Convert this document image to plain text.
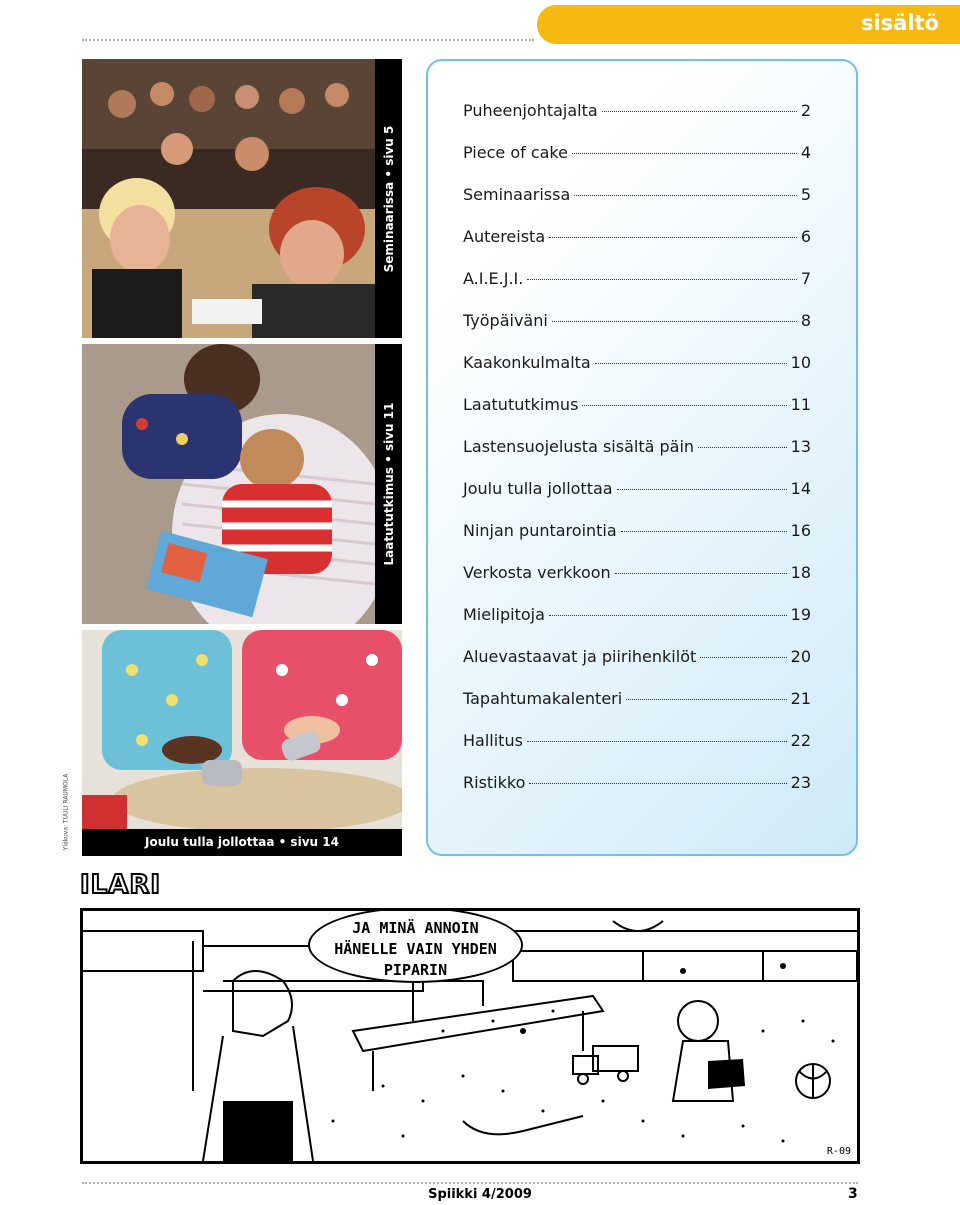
sisältö
Seminaarissa • sivu 5
Laatututkimus • sivu 11
Joulu tulla jollottaa • sivu 14
Yläkuva: TUULI RAUMOLA
Puheenjohtajalta	2
Piece of cake	4
Seminaarissa	5
Autereista	6
A.I.E.J.I.	7
Työpäiväni	8
Kaakonkulmalta	10
Laatututkimus	11
Lastensuojelusta sisältä päin	13
Joulu tulla jollottaa	14
Ninjan puntarointia	16
Verkosta verkkoon	18
Mielipitoja	19
Aluevastaavat ja piirihenkilöt	20
Tapahtumakalenteri	21
Hallitus	22
Ristikko	23
ILARI
JA MINÄ ANNOIN
HÄNELLE VAIN YHDEN
PIPARIN
R-09
Spiikki 4/2009	3
